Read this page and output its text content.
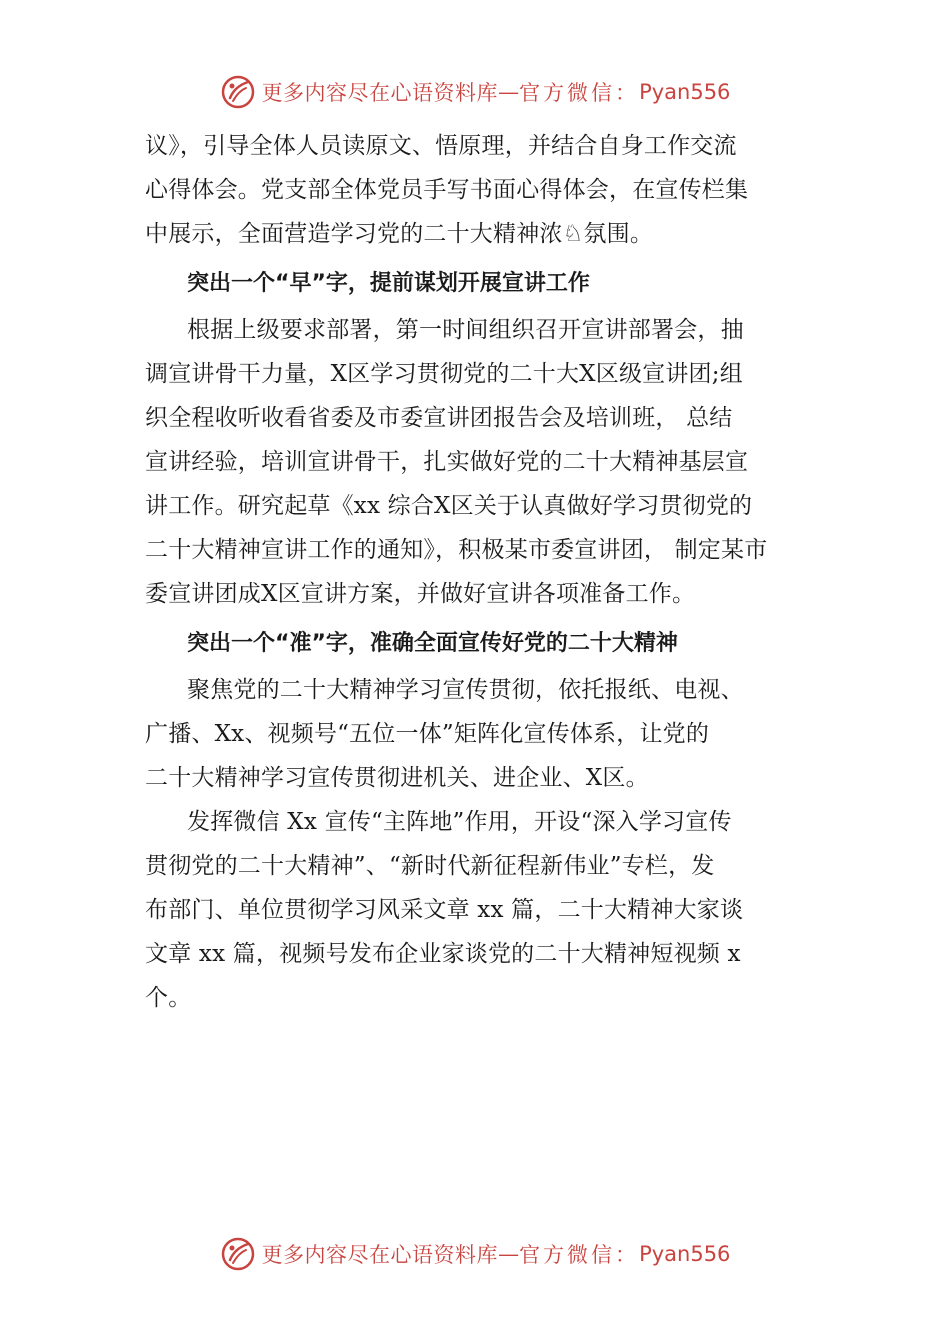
更多内容尽在心语资料库 — 官方微信： Pyan556
议》，引导全体人员读原文、悟原理，并结合自身工作交流
心得体会。党支部全体党员手写书面心得体会，在宣传栏集
中展示，全面营造学习党的二十大精神浓♘氛围。
突出一个“早”字，提前谋划开展宣讲工作
根据上级要求部署，第一时间组织召开宣讲部署会，抽
调宣讲骨干力量，X区学习贯彻党的二十大X区级宣讲团;组
织全程收听收看省委及市委宣讲团报告会及培训班， 总结
宣讲经验，培训宣讲骨干，扎实做好党的二十大精神基层宣
讲工作。研究起草《xx 综合X区关于认真做好学习贯彻党的
二十大精神宣讲工作的通知》，积极某市委宣讲团， 制定某市
委宣讲团成X区宣讲方案，并做好宣讲各项准备工作。
突出一个“准”字，准确全面宣传好党的二十大精神
聚焦党的二十大精神学习宣传贯彻，依托报纸、电视、
广播、Xx、视频号“五位一体”矩阵化宣传体系，让党的
二十大精神学习宣传贯彻进机关、进企业、X区。
发挥微信 Xx 宣传“主阵地”作用，开设“深入学习宣传
贯彻党的二十大精神”、“新时代新征程新伟业”专栏，发
布部门、单位贯彻学习风采文章 xx 篇，二十大精神大家谈
文章 xx 篇，视频号发布企业家谈党的二十大精神短视频 x
个。
更多内容尽在心语资料库 — 官方微信： Pyan556
